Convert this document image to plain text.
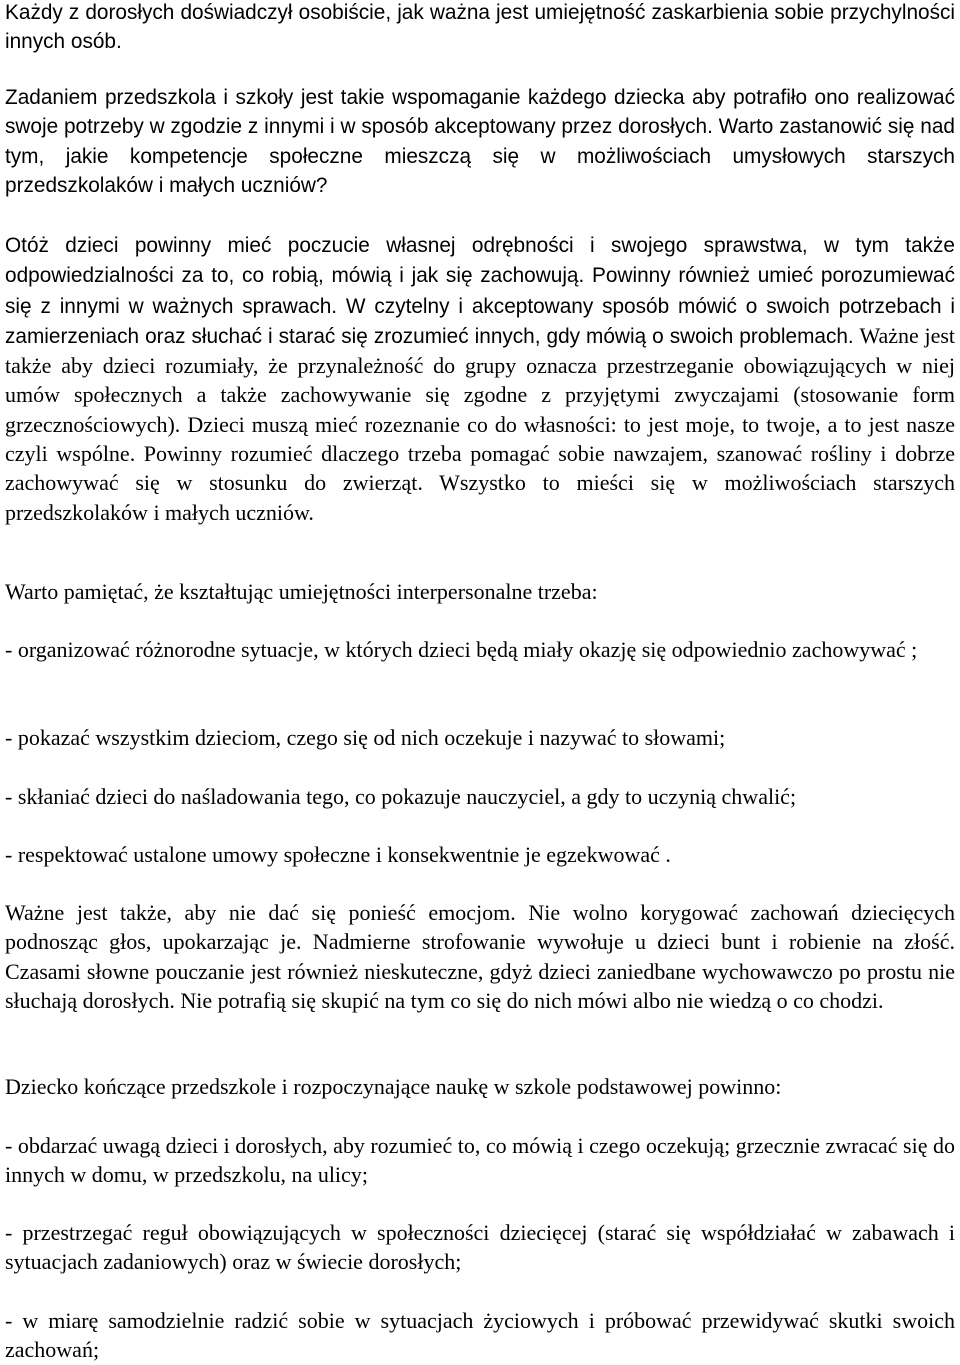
Każdy z dorosłych doświadczył osobiście, jak ważna jest umiejętność zaskarbienia sobie przychylności innych osób.

Zadaniem przedszkola i szkoły jest takie wspomaganie każdego dziecka aby potrafiło ono realizować swoje potrzeby w zgodzie z innymi i w sposób akceptowany przez dorosłych. Warto zastanowić się nad tym, jakie kompetencje społeczne mieszczą się w możliwościach umysłowych starszych przedszkolaków i małych uczniów?

Otóż dzieci powinny mieć poczucie własnej odrębności i swojego sprawstwa, w tym także odpowiedzialności za to, co robią, mówią i jak się zachowują. Powinny również umieć porozumiewać się z innymi w ważnych sprawach. W czytelny i akceptowany sposób mówić o swoich potrzebach i zamierzeniach oraz słuchać i starać się zrozumieć innych, gdy mówią o swoich problemach. Ważne jest także aby dzieci rozumiały, że przynależność do grupy oznacza przestrzeganie obowiązujących w niej umów społecznych a także zachowywanie się zgodne z przyjętymi zwyczajami (stosowanie form grzecznościowych). Dzieci muszą mieć rozeznanie co do własności: to jest moje, to twoje, a to jest nasze czyli wspólne. Powinny rozumieć dlaczego trzeba pomagać sobie nawzajem, szanować rośliny i dobrze zachowywać się w stosunku do zwierząt. Wszystko to mieści się w możliwościach starszych przedszkolaków i małych uczniów.

Warto pamiętać, że kształtując umiejętności interpersonalne trzeba:

- organizować różnorodne sytuacje, w których dzieci będą miały okazję się odpowiednio zachowywać ;

- pokazać wszystkim dzieciom, czego się od nich oczekuje i nazywać to słowami;

- skłaniać dzieci do naśladowania tego, co pokazuje nauczyciel, a gdy to uczynią chwalić;

- respektować ustalone umowy społeczne i konsekwentnie je egzekwować .

Ważne jest także, aby nie dać się ponieść emocjom. Nie wolno korygować zachowań dziecięcych podnosząc głos, upokarzając je. Nadmierne strofowanie wywołuje u dzieci bunt i robienie na złość. Czasami słowne pouczanie jest również nieskuteczne, gdyż dzieci zaniedbane wychowawczo po prostu nie słuchają dorosłych. Nie potrafią się skupić na tym co się do nich mówi albo nie wiedzą o co chodzi.

Dziecko kończące przedszkole i rozpoczynające naukę w szkole podstawowej powinno:

- obdarzać uwagą dzieci i dorosłych, aby rozumieć to, co mówią i czego oczekują; grzecznie zwracać się do innych w domu, w przedszkolu, na ulicy;

- przestrzegać reguł obowiązujących w społeczności dziecięcej (starać się współdziałać w zabawach i sytuacjach zadaniowych) oraz w świecie dorosłych;

- w miarę samodzielnie radzić sobie w sytuacjach życiowych i próbować przewidywać skutki swoich zachowań;
